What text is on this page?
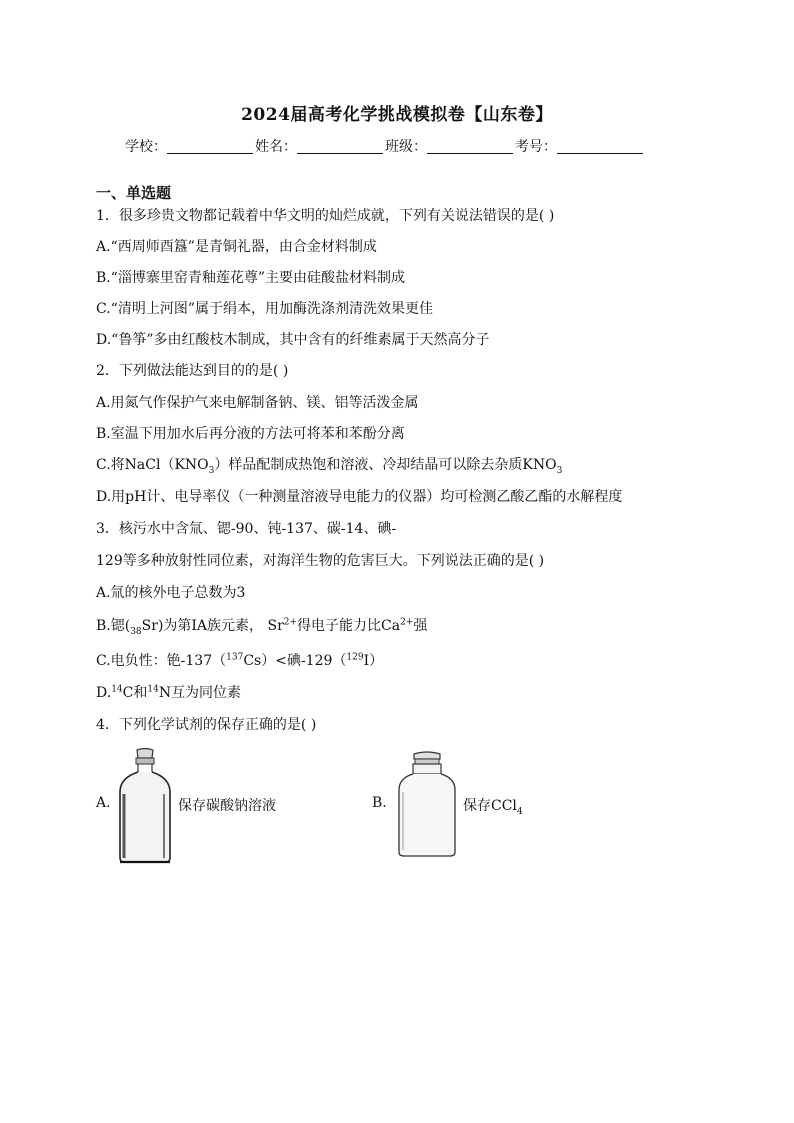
2024届高考化学挑战模拟卷【山东卷】
学校：	姓名：	班级：	考号：
一、单选题
1．很多珍贵文物都记载着中华文明的灿烂成就，下列有关说法错误的是( )
A.“西周师酉簋”是青铜礼器，由合金材料制成
B.“淄博寨里窑青釉莲花尊”主要由硅酸盐材料制成
C.“清明上河图”属于绢本，用加酶洗涤剂清洗效果更佳
D.“鲁筝”多由红酸枝木制成，其中含有的纤维素属于天然高分子
2．下列做法能达到目的的是( )
A.用氮气作保护气来电解制备钠、镁、铝等活泼金属
B.室温下用加水后再分液的方法可将苯和苯酚分离
C.将$NaCl(KNO_3)$样品配制成热饱和溶液、冷却结晶可以除去杂质$KNO_3$
D.用pH计、电导率仪（一种测量溶液导电能力的仪器）均可检测乙酸乙酯的水解程度
3．核污水中含氚、锶-90、钝-137、碳-14、碘-
129等多种放射性同位素，对海洋生物的危害巨大。下列说法正确的是( )
A.氚的核外电子总数为3
B.锶$(_{38}Sr)$为第ⅠA族元素， $Sr^{2+}$得电子能力比$Ca^{2+}$强
C.电负性：铯-137（$^{137}$Cs）<碘-129（$^{129}$I）
D.$^{14}$C和$^{14}$N互为同位素
4．下列化学试剂的保存正确的是( )
A.	保存碳酸钠溶液	B.	保存CCl$_4$
